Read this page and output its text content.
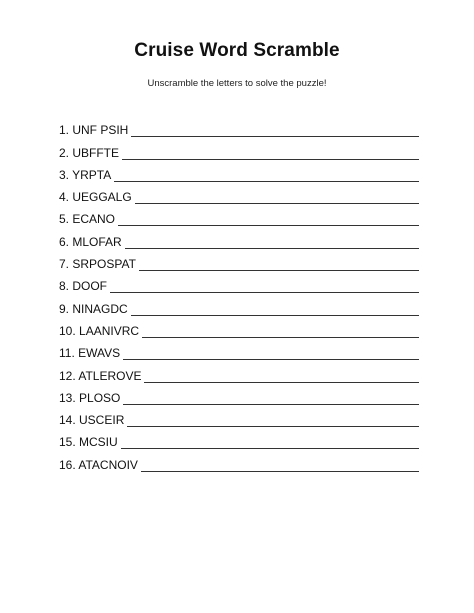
Cruise Word Scramble
Unscramble the letters to solve the puzzle!
1. UNF PSIH
2. UBFFTE
3. YRPTA
4. UEGGALG
5. ECANO
6. MLOFAR
7. SRPOSPAT
8. DOOF
9. NINAGDC
10. LAANIVRC
11. EWAVS
12. ATLEROVE
13. PLOSO
14. USCEIR
15. MCSIU
16. ATACNOIV
